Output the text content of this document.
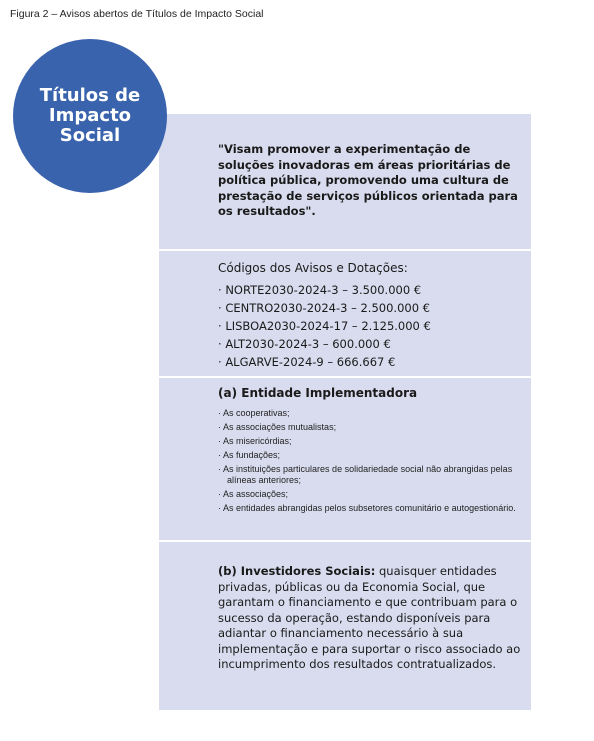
Figura 2 – Avisos abertos de Títulos de Impacto Social
"Visam promover a experimentação de soluções inovadoras em áreas prioritárias de política pública, promovendo uma cultura de prestação de serviços públicos orientada para os resultados".
Códigos dos Avisos e Dotações:
· NORTE2030-2024-3 – 3.500.000 €
· CENTRO2030-2024-3 – 2.500.000 €
· LISBOA2030-2024-17 – 2.125.000 €
· ALT2030-2024-3 – 600.000 €
· ALGARVE-2024-9 – 666.667 €
(a) Entidade Implementadora
· As cooperativas;
· As associações mutualistas;
· As misericórdias;
· As fundações;
· As instituições particulares de solidariedade social não abrangidas pelas alíneas anteriores;
· As associações;
· As entidades abrangidas pelos subsetores comunitário e autogestionário.
(b) Investidores Sociais: quaisquer entidades privadas, públicas ou da Economia Social, que garantam o financiamento e que contribuam para o sucesso da operação, estando disponíveis para adiantar o financiamento necessário à sua implementação e para suportar o risco associado ao incumprimento dos resultados contratualizados.
Títulos de
Impacto
Social
